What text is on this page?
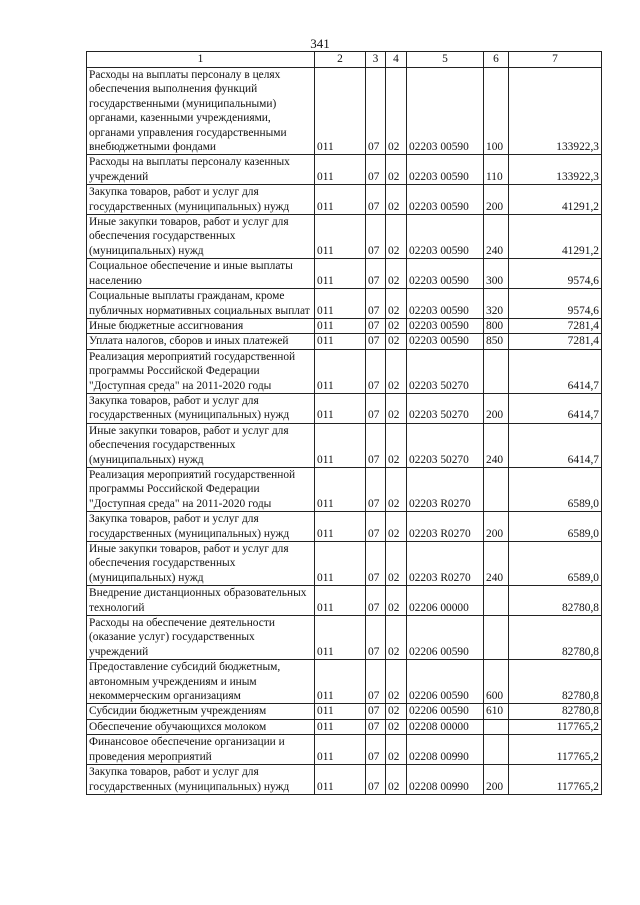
341
1	2	3	4	5	6	7
Расходы на выплаты персоналу в целях обеспечения выполнения функций государственными (муниципальными) органами, казенными учреждениями, органами управления государственными внебюджетными фондами	011	07	02	02203 00590	100	133922,3
Расходы на выплаты персоналу казенных учреждений	011	07	02	02203 00590	110	133922,3
Закупка товаров, работ и услуг для государственных (муниципальных) нужд	011	07	02	02203 00590	200	41291,2
Иные закупки товаров, работ и услуг для обеспечения государственных (муниципальных) нужд	011	07	02	02203 00590	240	41291,2
Социальное обеспечение и иные выплаты населению	011	07	02	02203 00590	300	9574,6
Социальные выплаты гражданам, кроме публичных нормативных социальных выплат	011	07	02	02203 00590	320	9574,6
Иные бюджетные ассигнования	011	07	02	02203 00590	800	7281,4
Уплата налогов, сборов и иных платежей	011	07	02	02203 00590	850	7281,4
Реализация мероприятий государственной программы Российской Федерации "Доступная среда" на 2011-2020 годы	011	07	02	02203 50270		6414,7
Закупка товаров, работ и услуг для государственных (муниципальных) нужд	011	07	02	02203 50270	200	6414,7
Иные закупки товаров, работ и услуг для обеспечения государственных (муниципальных) нужд	011	07	02	02203 50270	240	6414,7
Реализация мероприятий государственной программы Российской Федерации "Доступная среда" на 2011-2020 годы	011	07	02	02203 R0270		6589,0
Закупка товаров, работ и услуг для государственных (муниципальных) нужд	011	07	02	02203 R0270	200	6589,0
Иные закупки товаров, работ и услуг для обеспечения государственных (муниципальных) нужд	011	07	02	02203 R0270	240	6589,0
Внедрение дистанционных образовательных технологий	011	07	02	02206 00000		82780,8
Расходы на обеспечение деятельности (оказание услуг) государственных учреждений	011	07	02	02206 00590		82780,8
Предоставление субсидий бюджетным, автономным учреждениям и иным некоммерческим организациям	011	07	02	02206 00590	600	82780,8
Субсидии бюджетным учреждениям	011	07	02	02206 00590	610	82780,8
Обеспечение обучающихся молоком	011	07	02	02208 00000		117765,2
Финансовое обеспечение организации и проведения мероприятий	011	07	02	02208 00990		117765,2
Закупка товаров, работ и услуг для государственных (муниципальных) нужд	011	07	02	02208 00990	200	117765,2
